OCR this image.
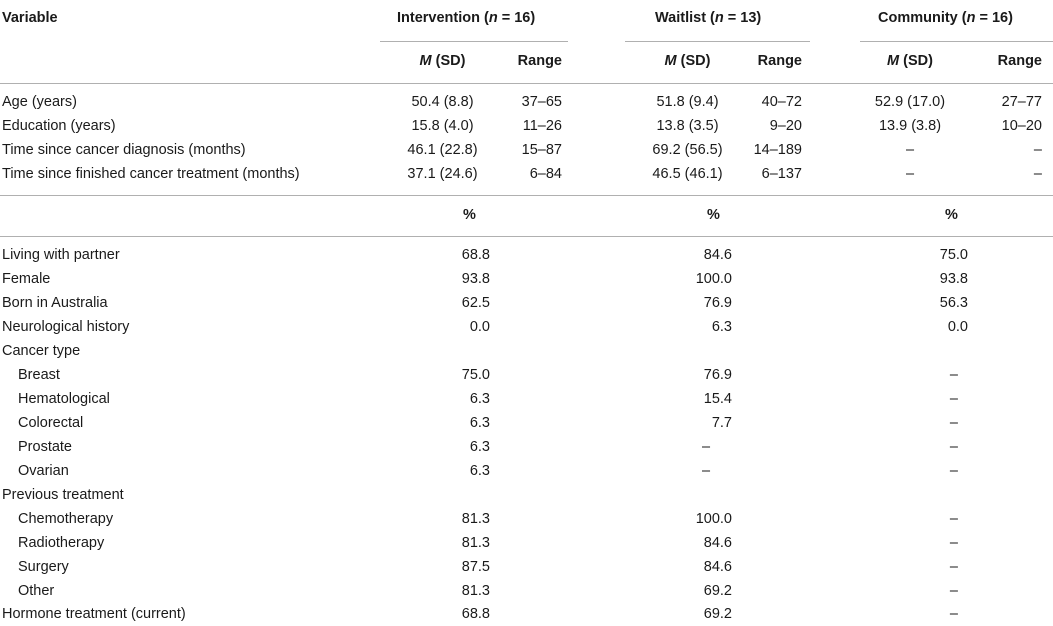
Variable	Intervention (n = 16)	Waitlist (n = 13)	Community (n = 16)
M (SD)	Range	M (SD)	Range	M (SD)	Range
Age (years)	50.4 (8.8)	37–65	51.8 (9.4)	40–72	52.9 (17.0)	27–77
Education (years)	15.8 (4.0)	11–26	13.8 (3.5)	9–20	13.9 (3.8)	10–20
Time since cancer diagnosis (months)	46.1 (22.8)	15–87	69.2 (56.5)	14–189	–	–
Time since finished cancer treatment (months)	37.1 (24.6)	6–84	46.5 (46.1)	6–137	–	–
%	%	%
Living with partner	68.8	84.6	75.0
Female	93.8	100.0	93.8
Born in Australia	62.5	76.9	56.3
Neurological history	0.0	6.3	0.0
Cancer type
Breast	75.0	76.9	–
Hematological	6.3	15.4	–
Colorectal	6.3	7.7	–
Prostate	6.3	–	–
Ovarian	6.3	–	–
Previous treatment
Chemotherapy	81.3	100.0	–
Radiotherapy	81.3	84.6	–
Surgery	87.5	84.6	–
Other	81.3	69.2	–
Hormone treatment (current)	68.8	69.2	–
